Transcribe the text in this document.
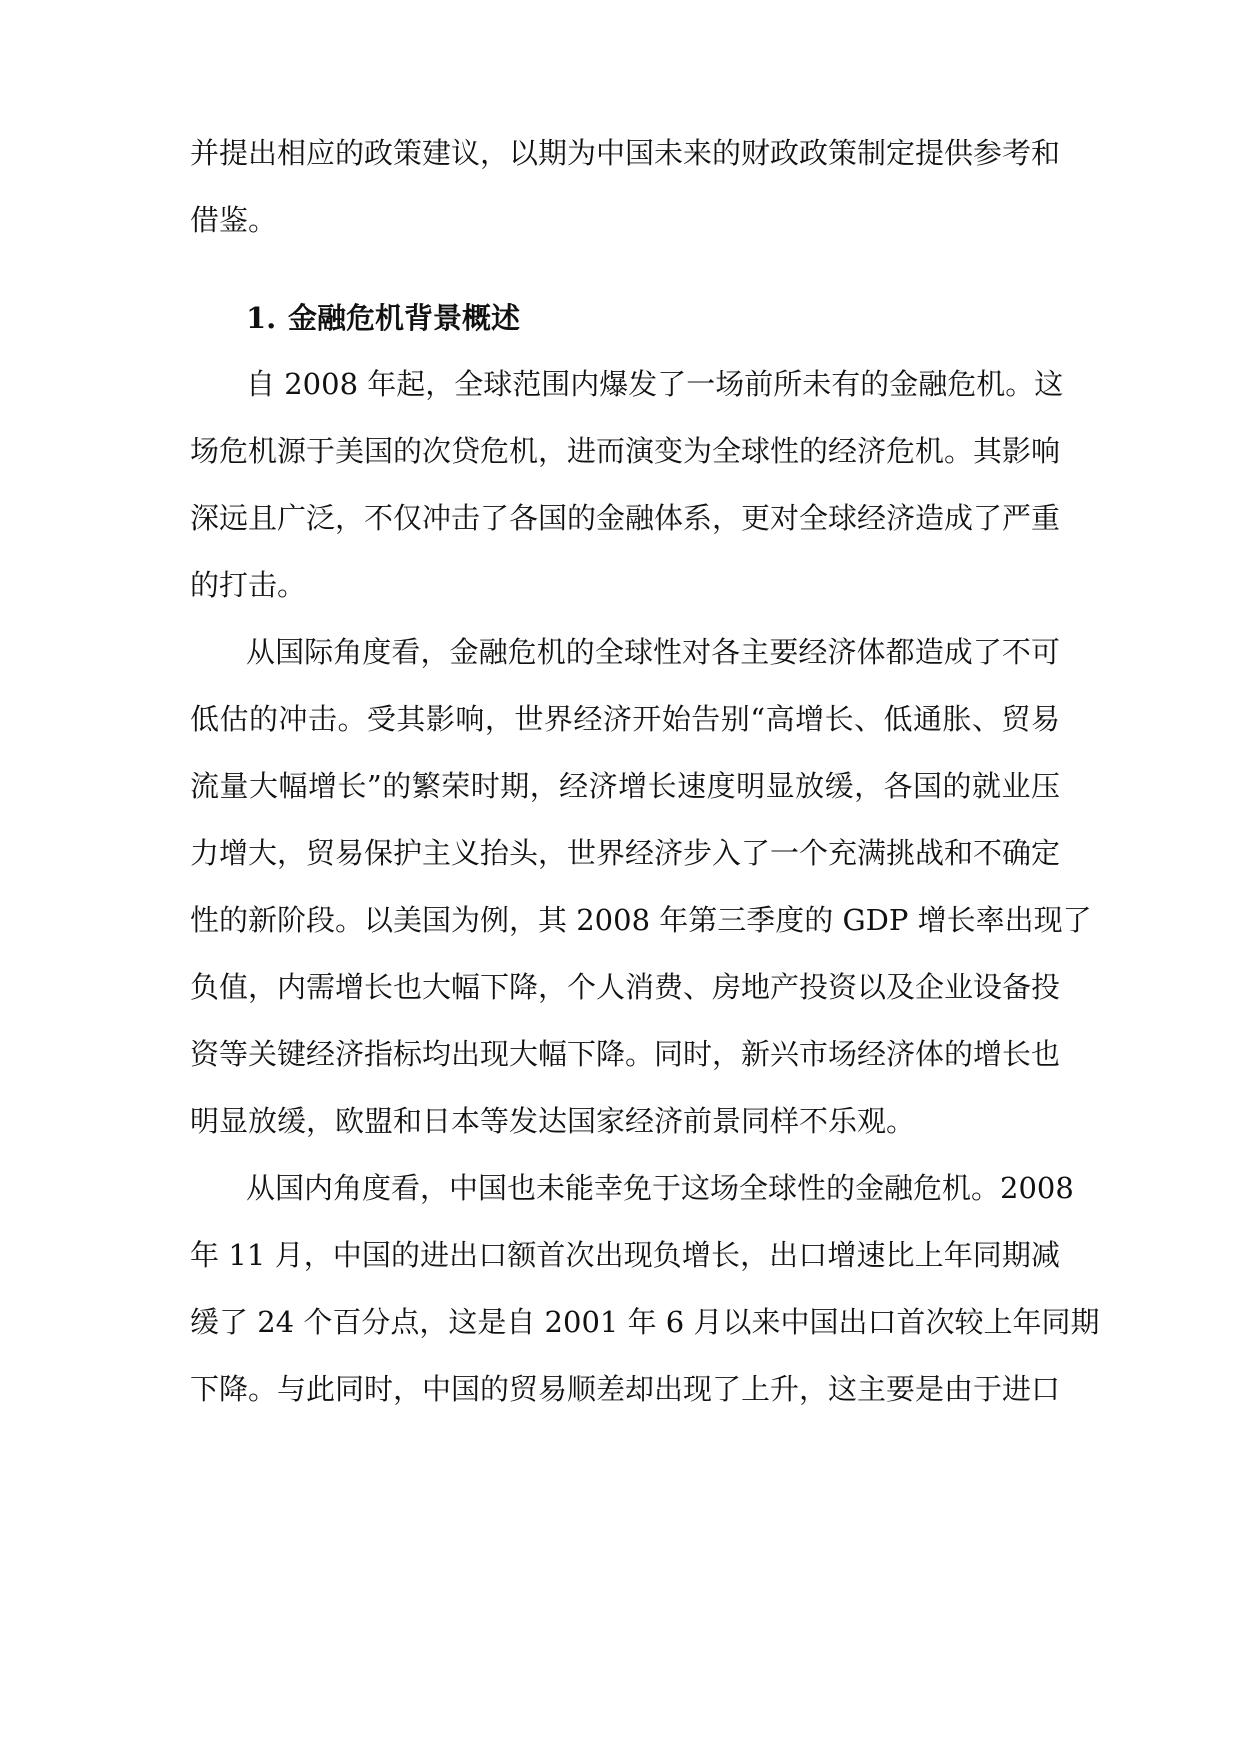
并提出相应的政策建议，以期为中国未来的财政政策制定提供参考和
借鉴。
1. 金融危机背景概述
自 2008 年起，全球范围内爆发了一场前所未有的金融危机。这
场危机源于美国的次贷危机，进而演变为全球性的经济危机。其影响
深远且广泛，不仅冲击了各国的金融体系，更对全球经济造成了严重
的打击。
从国际角度看，金融危机的全球性对各主要经济体都造成了不可
低估的冲击。受其影响，世界经济开始告别“高增长、低通胀、贸易
流量大幅增长”的繁荣时期，经济增长速度明显放缓，各国的就业压
力增大，贸易保护主义抬头，世界经济步入了一个充满挑战和不确定
性的新阶段。以美国为例，其 2008 年第三季度的 GDP 增长率出现了
负值，内需增长也大幅下降，个人消费、房地产投资以及企业设备投
资等关键经济指标均出现大幅下降。同时，新兴市场经济体的增长也
明显放缓，欧盟和日本等发达国家经济前景同样不乐观。
从国内角度看，中国也未能幸免于这场全球性的金融危机。2008
年 11 月，中国的进出口额首次出现负增长，出口增速比上年同期减
缓了 24 个百分点，这是自 2001 年 6 月以来中国出口首次较上年同期
下降。与此同时，中国的贸易顺差却出现了上升，这主要是由于进口
